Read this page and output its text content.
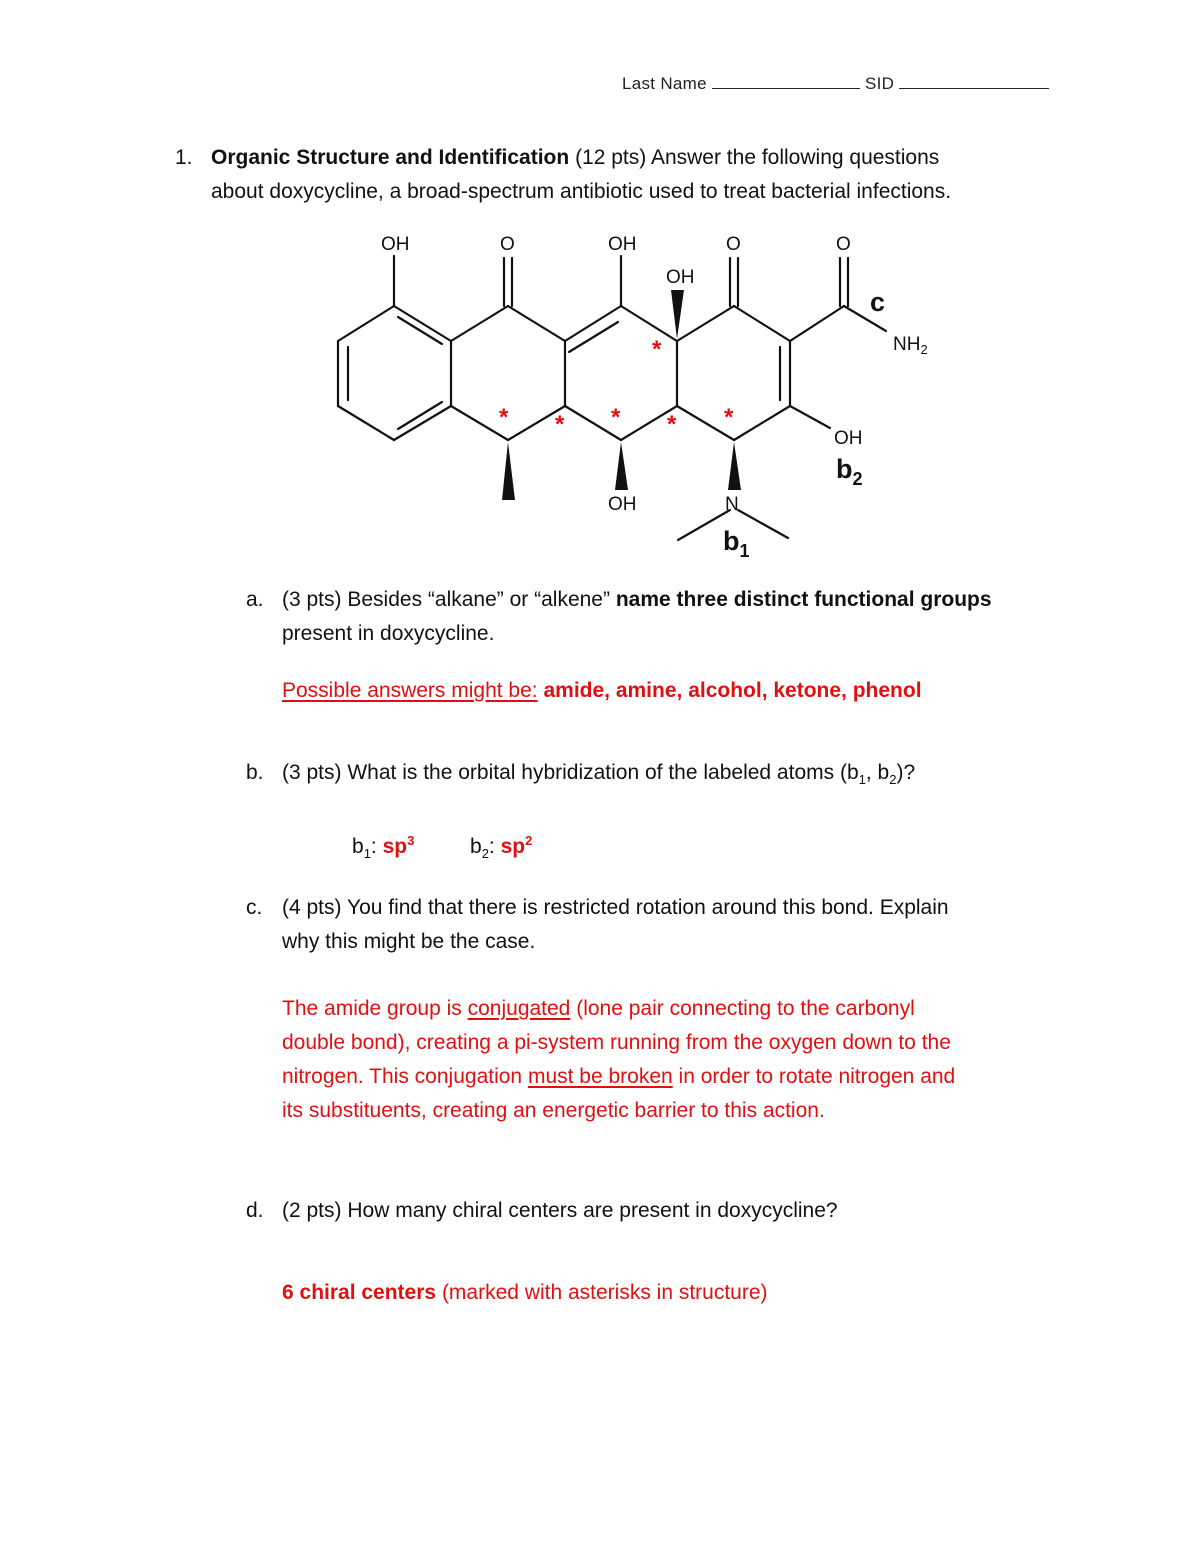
Last Name	SID
1. Organic Structure and Identification (12 pts) Answer the following questions
about doxycycline, a broad-spectrum antibiotic used to treat bacterial infections.
OH	O	OH	O	O
OH
$NH_2$
OH
OH	N
c
$b_2$
$b_1$
*
* * * * *
a. (3 pts) Besides “alkane” or “alkene” name three distinct functional groups
present in doxycycline.
Possible answers might be: amide, amine, alcohol, ketone, phenol
b. (3 pts) What is the orbital hybridization of the labeled atoms ($b_1$, $b_2$)?
$b_1$: $sp^3$	$b_2$: $sp^2$
c. (4 pts) You find that there is restricted rotation around this bond. Explain
why this might be the case.
The amide group is conjugated (lone pair connecting to the carbonyl
double bond), creating a pi-system running from the oxygen down to the
nitrogen. This conjugation must be broken in order to rotate nitrogen and
its substituents, creating an energetic barrier to this action.
d. (2 pts) How many chiral centers are present in doxycycline?
6 chiral centers (marked with asterisks in structure)
